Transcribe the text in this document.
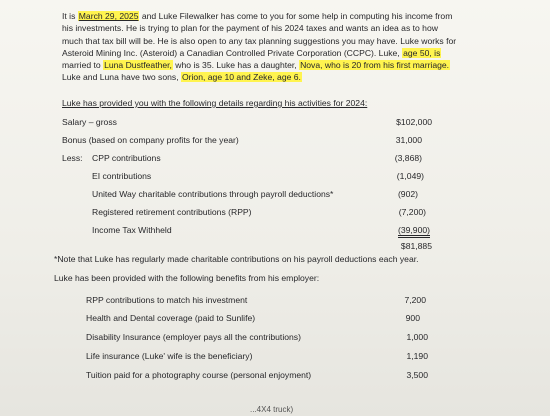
It is March 29, 2025 and Luke Filewalker has come to you for some help in computing his income from

his investments. He is trying to plan for the payment of his 2024 taxes and wants an idea as to how

much that tax bill will be. He is also open to any tax planning suggestions you may have. Luke works for

Asteroid Mining Inc. (Asteroid) a Canadian Controlled Private Corporation (CCPC). Luke, age 50, is

married to Luna Dustfeather, who is 35. Luke has a daughter, Nova, who is 20 from his first marriage.

Luke and Luna have two sons, Orion, age 10 and Zeke, age 6.

Luke has provided you with the following details regarding his activities for 2024:
Salary – gross	$102,000
Bonus (based on company profits for the year)	31,000
Less: CPP contributions	(3,868)
EI contributions	(1,049)
United Way charitable contributions through payroll deductions*	(902)
Registered retirement contributions (RPP)	(7,200)
Income Tax Withheld	(39,900)
$81,885
*Note that Luke has regularly made charitable contributions on his payroll deductions each year.
Luke has been provided with the following benefits from his employer:
RPP contributions to match his investment	7,200
Health and Dental coverage (paid to Sunlife)	900
Disability Insurance (employer pays all the contributions)	1,000
Life insurance (Luke' wife is the beneficiary)	1,190
Tuition paid for a photography course (personal enjoyment)	3,500
...4X4 truck)
